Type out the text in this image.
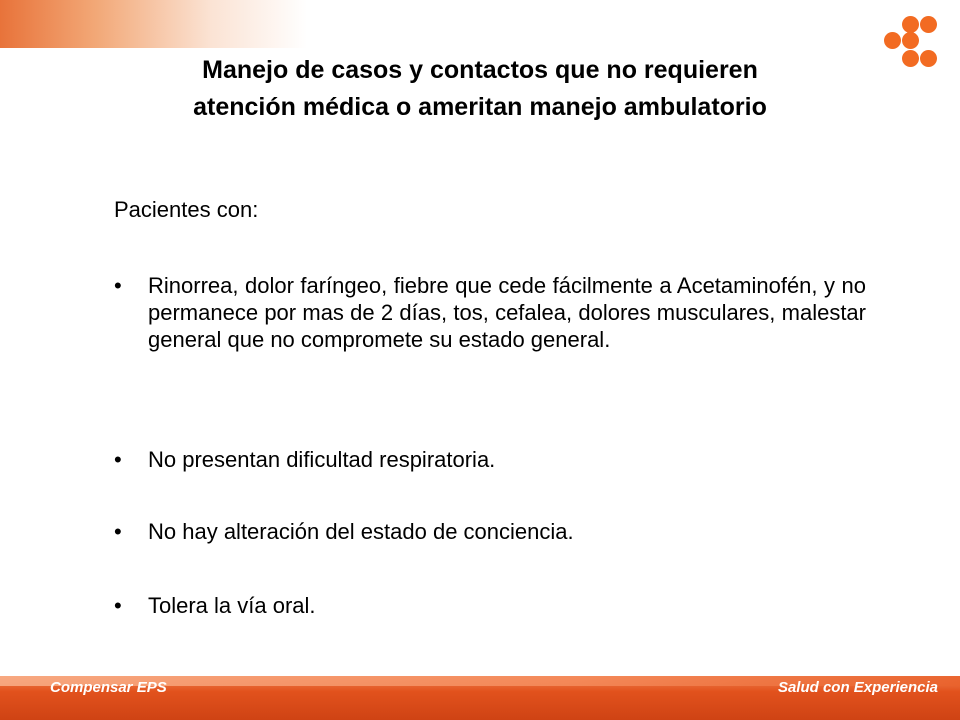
Manejo de casos y contactos que no requieren
atención médica o ameritan manejo ambulatorio

Pacientes con:

• Rinorrea, dolor faríngeo, fiebre que cede fácilmente a Acetaminofén, y no permanece por mas de 2 días, tos, cefalea, dolores musculares, malestar general que no compromete su estado general.
• No presentan dificultad respiratoria.
• No hay alteración del estado de conciencia.
• Tolera la vía oral.
Compensar EPS	Salud con Experiencia
